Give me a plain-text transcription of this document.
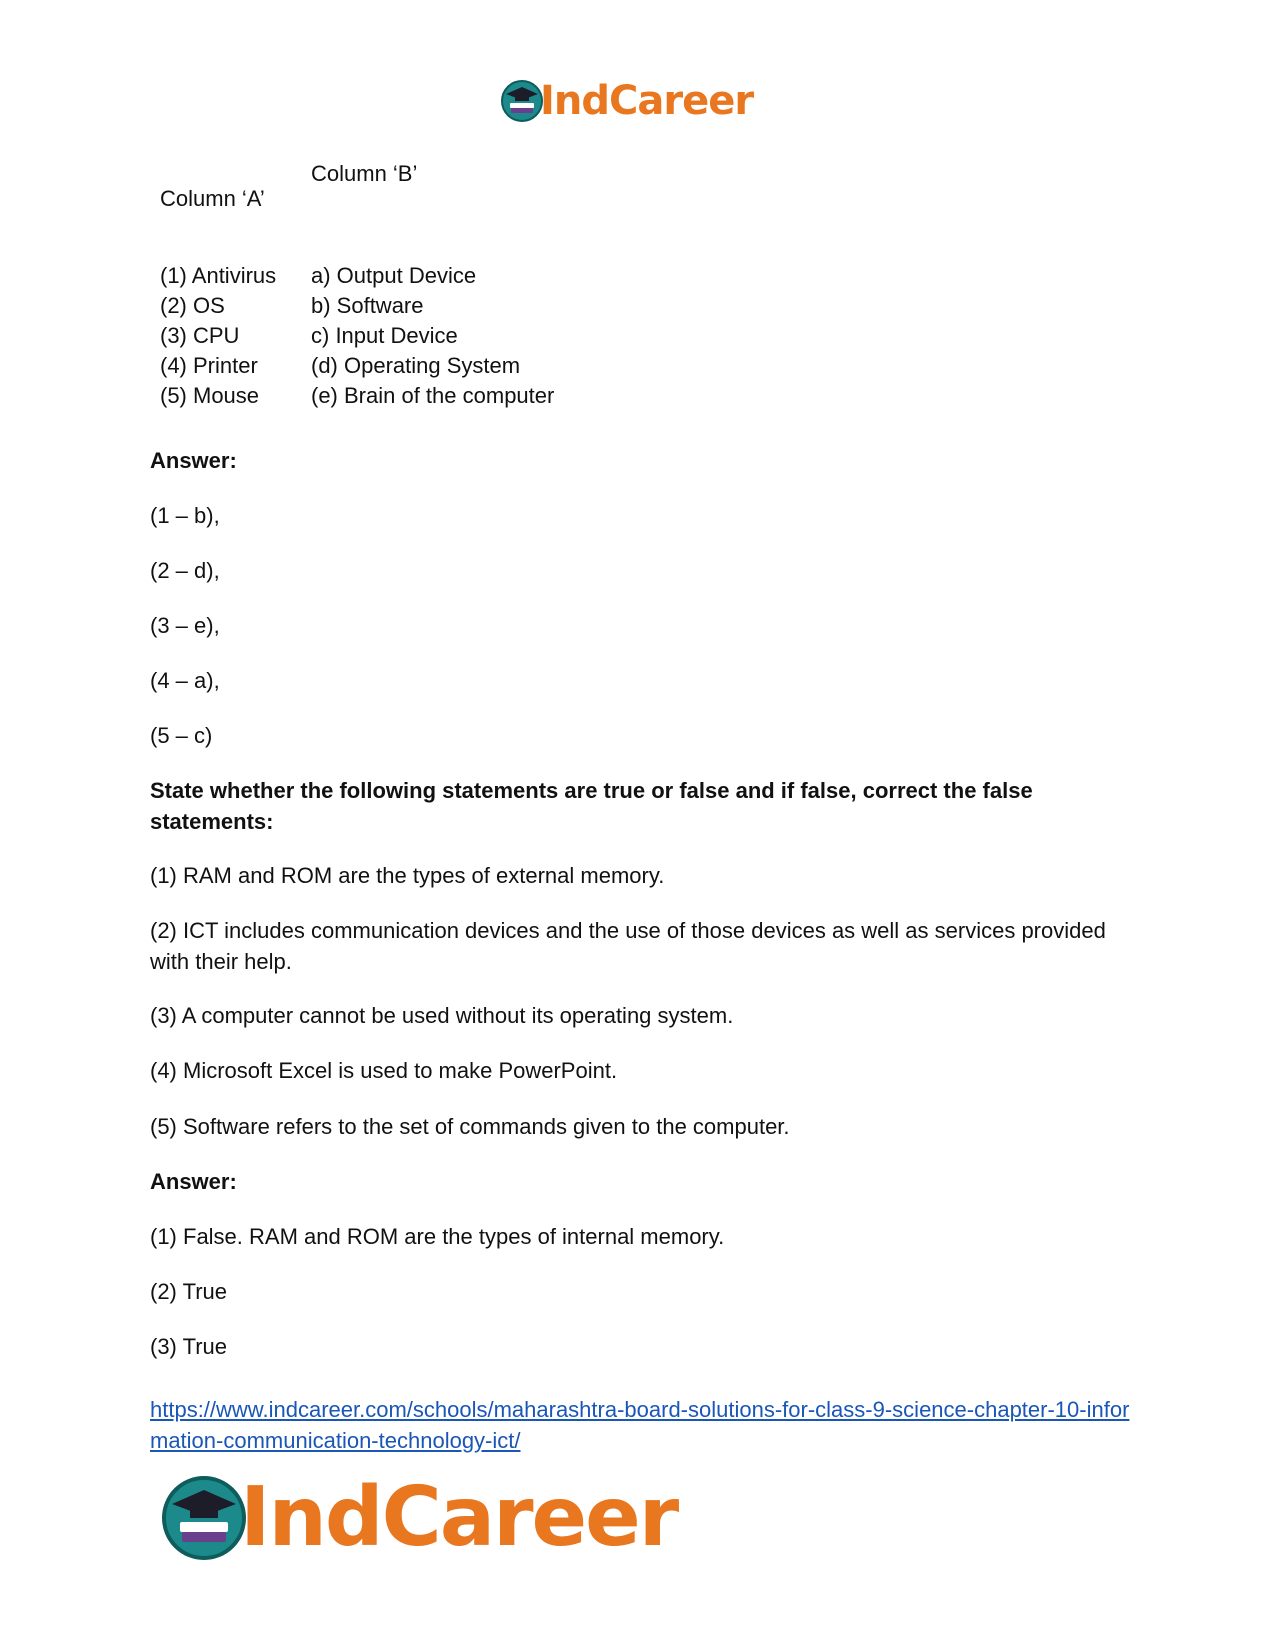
IndCareer
Column ‘A’
Column ‘B’
(1) Antivirus
(2) OS
(3) CPU
(4) Printer
(5) Mouse
a) Output Device
b) Software
c) Input Device
(d) Operating System
(e) Brain of the computer
Answer:
(1 – b),
(2 – d),
(3 – e),
(4 – a),
(5 – c)
State whether the following statements are true or false and if false, correct the false statements:
(1) RAM and ROM are the types of external memory.
(2) ICT includes communication devices and the use of those devices as well as services provided with their help.
(3) A computer cannot be used without its operating system.
(4) Microsoft Excel is used to make PowerPoint.
(5) Software refers to the set of commands given to the computer.
Answer:
(1) False. RAM and ROM are the types of internal memory.
(2) True
(3) True
https://www.indcareer.com/schools/maharashtra-board-solutions-for-class-9-science-chapter-10-information-communication-technology-ict/
IndCareer
